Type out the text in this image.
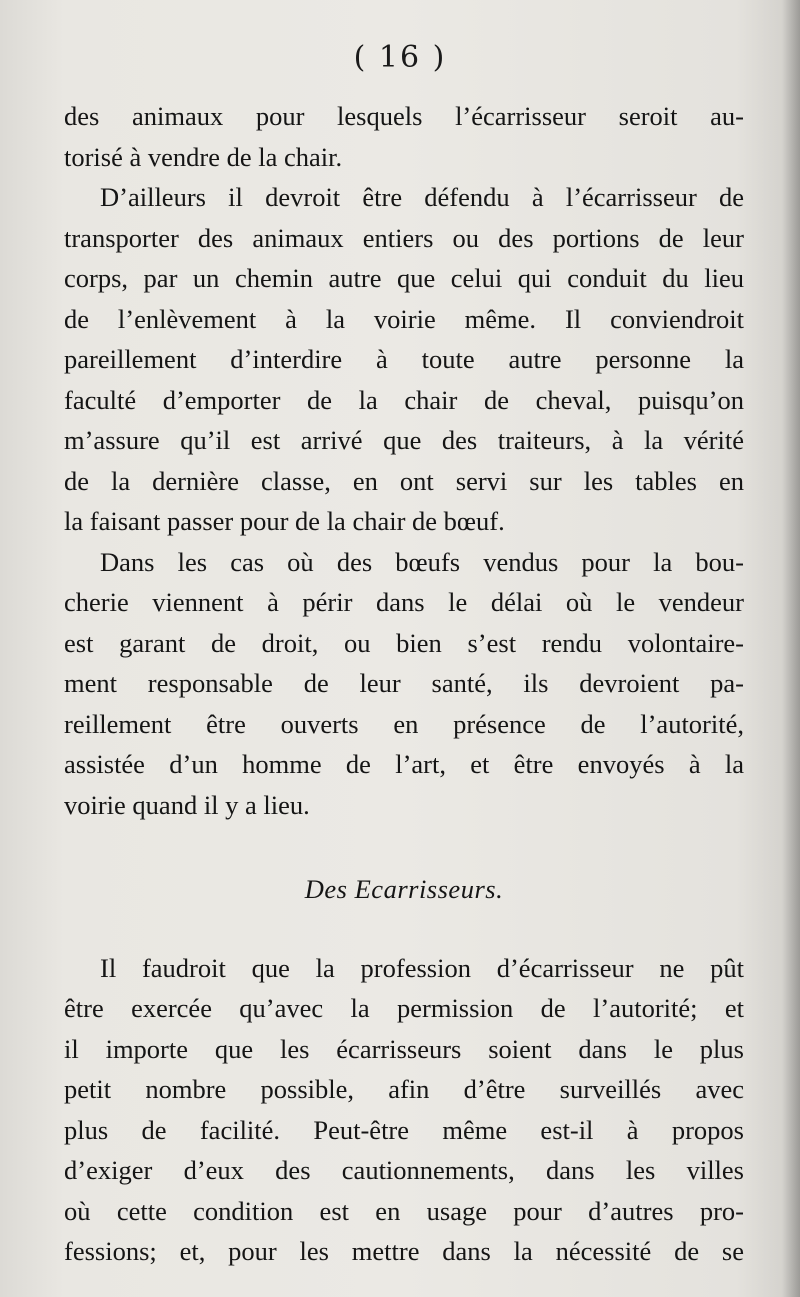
( 16 )
des animaux pour lesquels l’écarrisseur seroit au-
torisé à vendre de la chair.
D’ailleurs il devroit être défendu à l’écarrisseur de
transporter des animaux entiers ou des portions de leur
corps, par un chemin autre que celui qui conduit du lieu
de l’enlèvement à la voirie même. Il conviendroit
pareillement d’interdire à toute autre personne la
faculté d’emporter de la chair de cheval, puisqu’on
m’assure qu’il est arrivé que des traiteurs, à la vérité
de la dernière classe, en ont servi sur les tables en
la faisant passer pour de la chair de bœuf.
Dans les cas où des bœufs vendus pour la bou-
cherie viennent à périr dans le délai où le vendeur
est garant de droit, ou bien s’est rendu volontaire-
ment responsable de leur santé, ils devroient pa-
reillement être ouverts en présence de l’autorité,
assistée d’un homme de l’art, et être envoyés à la
voirie quand il y a lieu.
Des Ecarrisseurs.
Il faudroit que la profession d’écarrisseur ne pût
être exercée qu’avec la permission de l’autorité; et
il importe que les écarrisseurs soient dans le plus
petit nombre possible, afin d’être surveillés avec
plus de facilité. Peut-être même est-il à propos
d’exiger d’eux des cautionnements, dans les villes
où cette condition est en usage pour d’autres pro-
fessions; et, pour les mettre dans la nécessité de se
